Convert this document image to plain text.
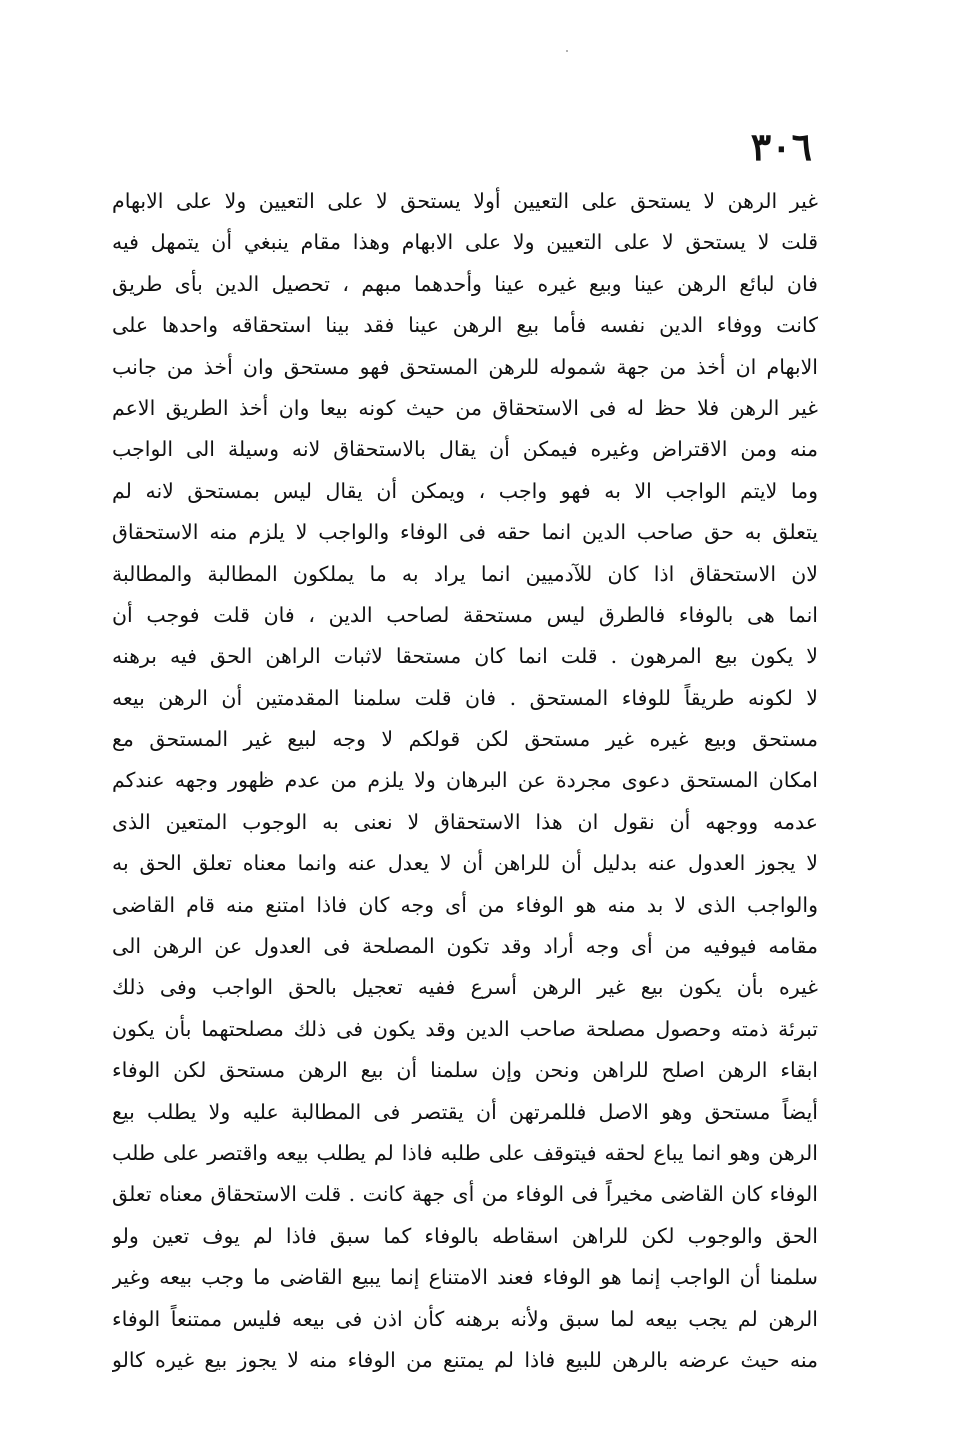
٣٠٦
غير الرهن لا يستحق على التعيين أولا يستحق لا على التعيين ولا على الابهام
قلت لا يستحق لا على التعيين ولا على الابهام وهذا مقام ينبغي أن يتمهل فيه
فان لبائع الرهن عينا وبيع غيره عينا وأحدهما مبهم ، تحصيل الدين بأى طريق
كانت ووفاء الدين نفسه فأما بيع الرهن عينا فقد بينا استحقاقه واحدها على
الابهام ان أخذ من جهة شموله للرهن المستحق فهو مستحق وان أخذ من جانب
غير الرهن فلا حظ له فى الاستحقاق من حيث كونه بيعا وان أخذ الطريق الاعم
منه ومن الاقتراض وغيره فيمكن أن يقال بالاستحقاق لانه وسيلة الى الواجب
وما لايتم الواجب الا به فهو واجب ، ويمكن أن يقال ليس بمستحق لانه لم
يتعلق به حق صاحب الدين انما حقه فى الوفاء والواجب لا يلزم منه الاستحقاق
لان الاستحقاق اذا كان للآدميين انما يراد به ما يملكون المطالبة والمطالبة
انما هى بالوفاء فالطرق ليس مستحقة لصاحب الدين ، فان قلت فوجب أن
لا يكون بيع المرهون . قلت انما كان مستحقا لاثبات الراهن الحق فيه برهنه
لا لكونه طريقاً للوفاء المستحق . فان قلت سلمنا المقدمتين أن الرهن بيعه
مستحق وبيع غيره غير مستحق لكن قولكم لا وجه لبيع غير المستحق مع
امكان المستحق دعوى مجردة عن البرهان ولا يلزم من عدم ظهور وجهه عندكم
عدمه ووجهه أن نقول ان هذا الاستحقاق لا نعنى به الوجوب المتعين الذى
لا يجوز العدول عنه بدليل أن للراهن أن لا يعدل عنه وانما معناه تعلق الحق به
والواجب الذى لا بد منه هو الوفاء من أى وجه كان فاذا امتنع منه قام القاضى
مقامه فيوفيه من أى وجه أراد وقد تكون المصلحة فى العدول عن الرهن الى
غيره بأن يكون بيع غير الرهن أسرع ففيه تعجيل بالحق الواجب وفى ذلك
تبرئة ذمته وحصول مصلحة صاحب الدين وقد يكون فى ذلك مصلحتهما بأن يكون
ابقاء الرهن اصلح للراهن ونحن وإن سلمنا أن بيع الرهن مستحق لكن الوفاء
أيضاً مستحق وهو الاصل فللمرتهن أن يقتصر فى المطالبة عليه ولا يطلب بيع
الرهن وهو انما يباع لحقه فيتوقف على طلبه فاذا لم يطلب بيعه واقتصر على طلب
الوفاء كان القاضى مخيراً فى الوفاء من أى جهة كانت . قلت الاستحقاق معناه تعلق
الحق والوجوب لكن للراهن اسقاطه بالوفاء كما سبق فاذا لم يوف تعين ولو
سلمنا أن الواجب إنما هو الوفاء فعند الامتناع إنما يبيع القاضى ما وجب بيعه وغير
الرهن لم يجب بيعه لما سبق ولأنه برهنه كأن اذن فى بيعه فليس ممتنعاً الوفاء
منه حيث عرضه بالرهن للبيع فاذا لم يمتنع من الوفاء منه لا يجوز بيع غيره كالو
